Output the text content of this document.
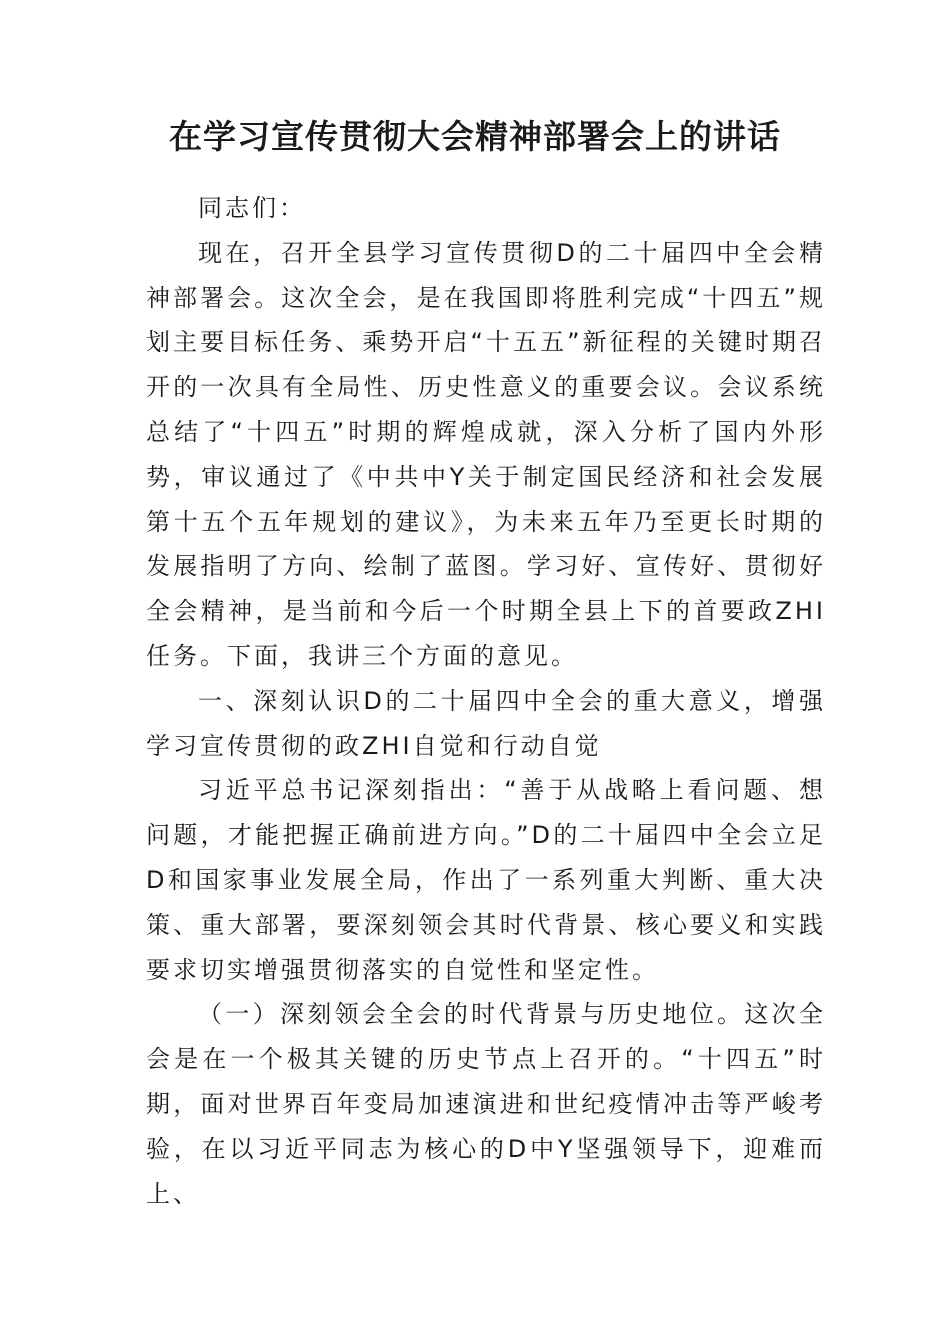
在学习宣传贯彻大会精神部署会上的讲话

同志们：

现在，召开全县学习宣传贯彻D的二十届四中全会精神部署会。这次全会，是在我国即将胜利完成“十四五”规划主要目标任务、乘势开启“十五五”新征程的关键时期召开的一次具有全局性、历史性意义的重要会议。会议系统总结了“十四五”时期的辉煌成就，深入分析了国内外形势，审议通过了《中共中Y关于制定国民经济和社会发展第十五个五年规划的建议》，为未来五年乃至更长时期的发展指明了方向、绘制了蓝图。学习好、宣传好、贯彻好全会精神，是当前和今后一个时期全县上下的首要政ZHI任务。下面，我讲三个方面的意见。

一、深刻认识D的二十届四中全会的重大意义，增强学习宣传贯彻的政ZHI自觉和行动自觉

习近平总书记深刻指出：“善于从战略上看问题、想问题，才能把握正确前进方向。”D的二十届四中全会立足D和国家事业发展全局，作出了一系列重大判断、重大决策、重大部署，要深刻领会其时代背景、核心要义和实践要求切实增强贯彻落实的自觉性和坚定性。

（一）深刻领会全会的时代背景与历史地位。这次全会是在一个极其关键的历史节点上召开的。“十四五”时期，面对世界百年变局加速演进和世纪疫情冲击等严峻考验，在以习近平同志为核心的D中Y坚强领导下，迎难而上、
